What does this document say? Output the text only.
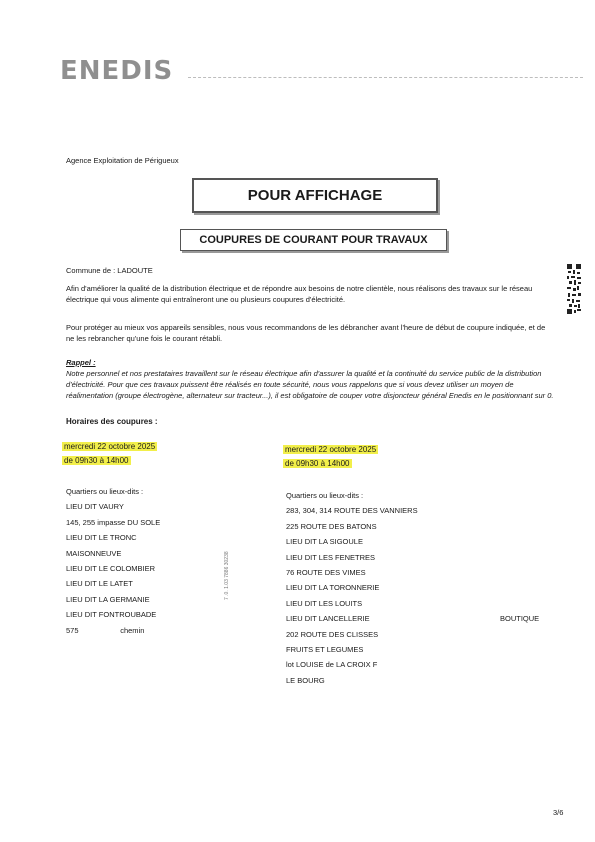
ENEDIS
Agence Exploitation de Périgueux
POUR AFFICHAGE
COUPURES DE COURANT POUR TRAVAUX
Commune de : LADOUTE

Afin d'améliorer la qualité de la distribution électrique et de répondre aux besoins de notre clientèle, nous réalisons des travaux sur le réseau électrique qui vous alimente qui entraîneront une ou plusieurs coupures d'électricité.

Pour protéger au mieux vos appareils sensibles, nous vous recommandons de les débrancher avant l'heure de début de coupure indiquée, et de ne les rebrancher qu'une fois le courant rétabli.

Rappel :
Notre personnel et nos prestataires travaillent sur le réseau électrique afin d'assurer la qualité et la continuité du service public de la distribution d'électricité. Pour que ces travaux puissent être réalisés en toute sécurité, nous vous rappelons que si vous devez utiliser un moyen de réalimentation (groupe électrogène, alternateur sur tracteur...), il est obligatoire de couper votre disjoncteur général Enedis en le positionnant sur 0.
Horaires des coupures :
mercredi 22 octobre 2025
de 09h30 à 14h00
Quartiers ou lieux-dits :
LIEU DIT VAURY
145, 255 impasse DU SOLE
LIEU DIT LE TRONC
MAISONNEUVE
LIEU DIT LE COLOMBIER
LIEU DIT LE LATET
LIEU DIT LA GERMANIE
LIEU DIT FONTROUBADE
575                    chemin
mercredi 22 octobre 2025
de 09h30 à 14h00
Quartiers ou lieux-dits :
283, 304, 314 ROUTE DES VANNIERS
225 ROUTE DES BATONS
LIEU DIT LA SIGOULE
LIEU DIT LES FENETRES
76 ROUTE DES VIMES
LIEU DIT LA TORONNERIE
LIEU DIT LES LOUITS
LIEU DIT LANCELLERIE
202 ROUTE DES CLISSES
FRUITS ET LEGUMES
lot LOUISE de LA CROIX F
LE BOURG
BOUTIQUE
7 .0. 1.03 7886 30238
3/6
